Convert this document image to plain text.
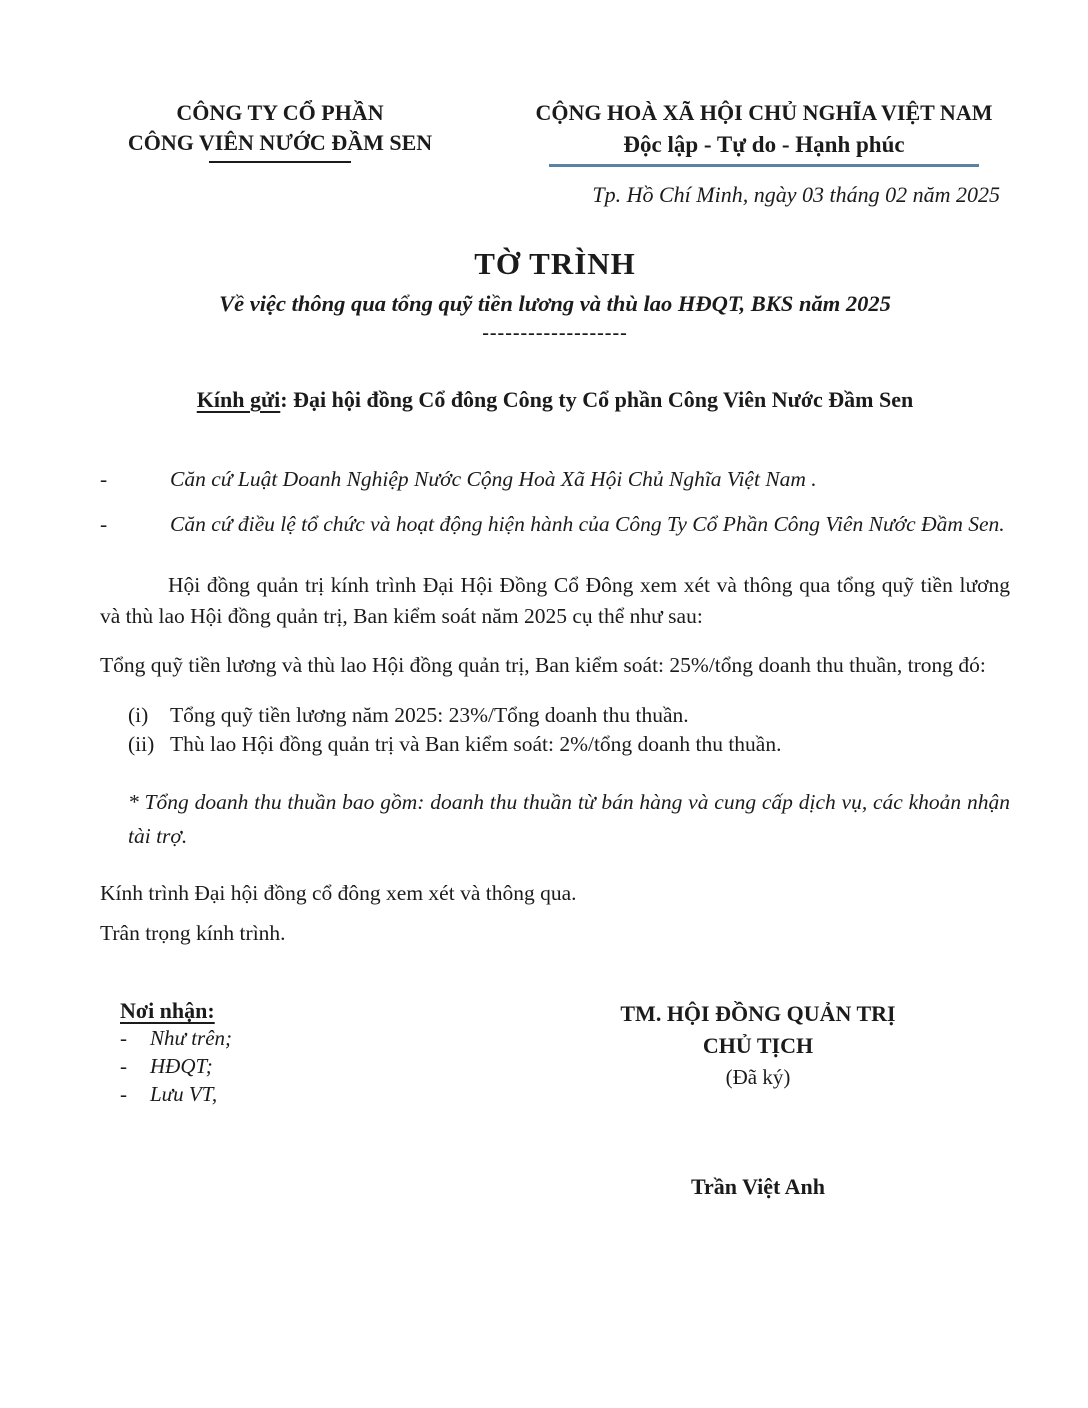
CÔNG TY CỔ PHẦN
CÔNG VIÊN NƯỚC ĐẦM SEN
CỘNG HOÀ XÃ HỘI CHỦ NGHĨA VIỆT NAM
Độc lập - Tự do - Hạnh phúc
Tp. Hồ Chí Minh, ngày 03 tháng 02 năm 2025
TỜ TRÌNH
Về việc thông qua tổng quỹ tiền lương và thù lao HĐQT, BKS năm 2025
-------------------
Kính gửi: Đại hội đồng Cổ đông Công ty Cổ phần Công Viên Nước Đầm Sen
-	Căn cứ Luật Doanh Nghiệp Nước Cộng Hoà Xã Hội Chủ Nghĩa Việt Nam .
-	Căn cứ điều lệ tổ chức và hoạt động hiện hành của Công Ty Cổ Phần Công Viên Nước Đầm Sen.
Hội đồng quản trị kính trình Đại Hội Đồng Cổ Đông xem xét và thông qua tổng quỹ tiền lương và thù lao Hội đồng quản trị, Ban kiểm soát năm 2025 cụ thể như sau:
Tổng quỹ tiền lương và thù lao Hội đồng quản trị, Ban kiểm soát: 25%/tổng doanh thu thuần, trong đó:
(i)	Tổng quỹ tiền lương năm 2025: 23%/Tổng doanh thu thuần.
(ii) Thù lao Hội đồng quản trị và Ban kiểm soát: 2%/tổng doanh thu thuần.
* Tổng doanh thu thuần bao gồm: doanh thu thuần từ bán hàng và cung cấp dịch vụ, các khoản nhận tài trợ.
Kính trình Đại hội đồng cổ đông xem xét và thông qua.
Trân trọng kính trình.
Nơi nhận:
-	Như trên;
-	HĐQT;
-	Lưu VT,
TM. HỘI ĐỒNG QUẢN TRỊ
CHỦ TỊCH
(Đã ký)
Trần Việt Anh
